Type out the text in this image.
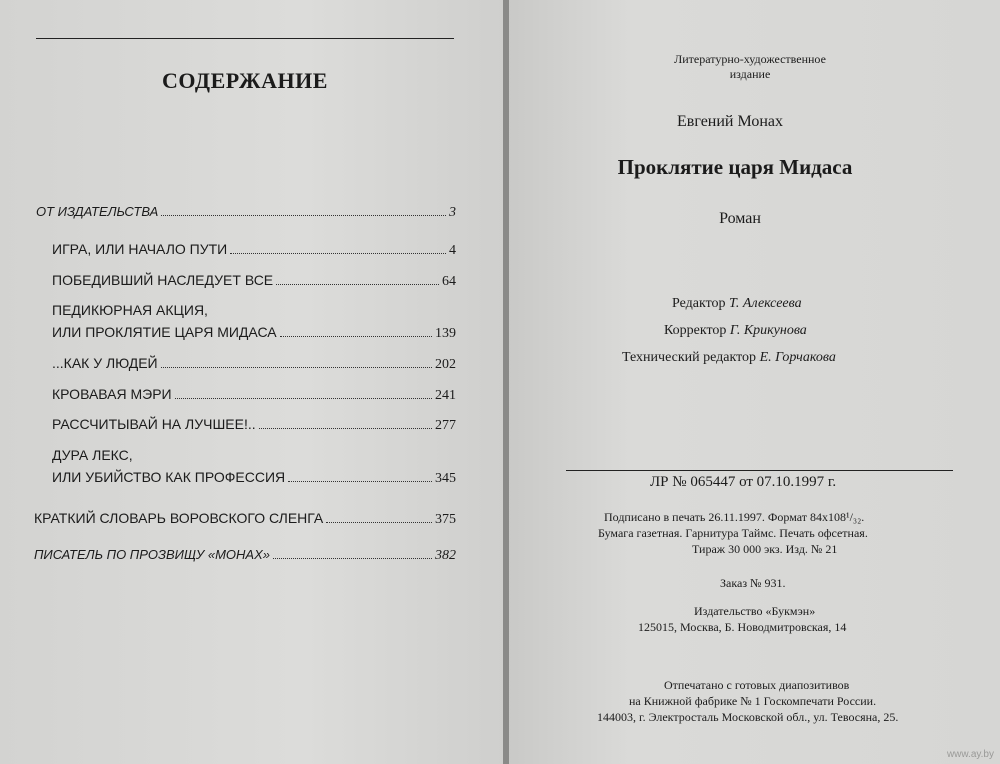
СОДЕРЖАНИЕ
ОТ ИЗДАТЕЛЬСТВА	3
ИГРА, ИЛИ НАЧАЛО ПУТИ	4
ПОБЕДИВШИЙ НАСЛЕДУЕТ ВСЕ	64
ПЕДИКЮРНАЯ АКЦИЯ,
ИЛИ ПРОКЛЯТИЕ ЦАРЯ МИДАСА	139
...КАК У ЛЮДЕЙ	202
КРОВАВАЯ МЭРИ	241
РАССЧИТЫВАЙ НА ЛУЧШЕЕ!..	277
ДУРА ЛЕКС,
ИЛИ УБИЙСТВО КАК ПРОФЕССИЯ	345
КРАТКИЙ СЛОВАРЬ ВОРОВСКОГО СЛЕНГА	375
ПИСАТЕЛЬ ПО ПРОЗВИЩУ «МОНАХ»	382
Литературно-художественное
издание
Евгений Монах
Проклятие царя Мидаса
Роман
Редактор Т. Алексеева
Корректор Г. Крикунова
Технический редактор Е. Горчакова
ЛР № 065447 от 07.10.1997 г.
Подписано в печать 26.11.1997. Формат 84х108¹/₃₂.
Бумага газетная. Гарнитура Таймс. Печать офсетная.
Тираж 30 000 экз. Изд. № 21
Заказ № 931.
Издательство «Букмэн»
125015, Москва, Б. Новодмитровская, 14
Отпечатано с готовых диапозитивов
на Книжной фабрике № 1 Госкомпечати России.
144003, г. Электросталь Московской обл., ул. Тевосяна, 25.
www.ay.by
